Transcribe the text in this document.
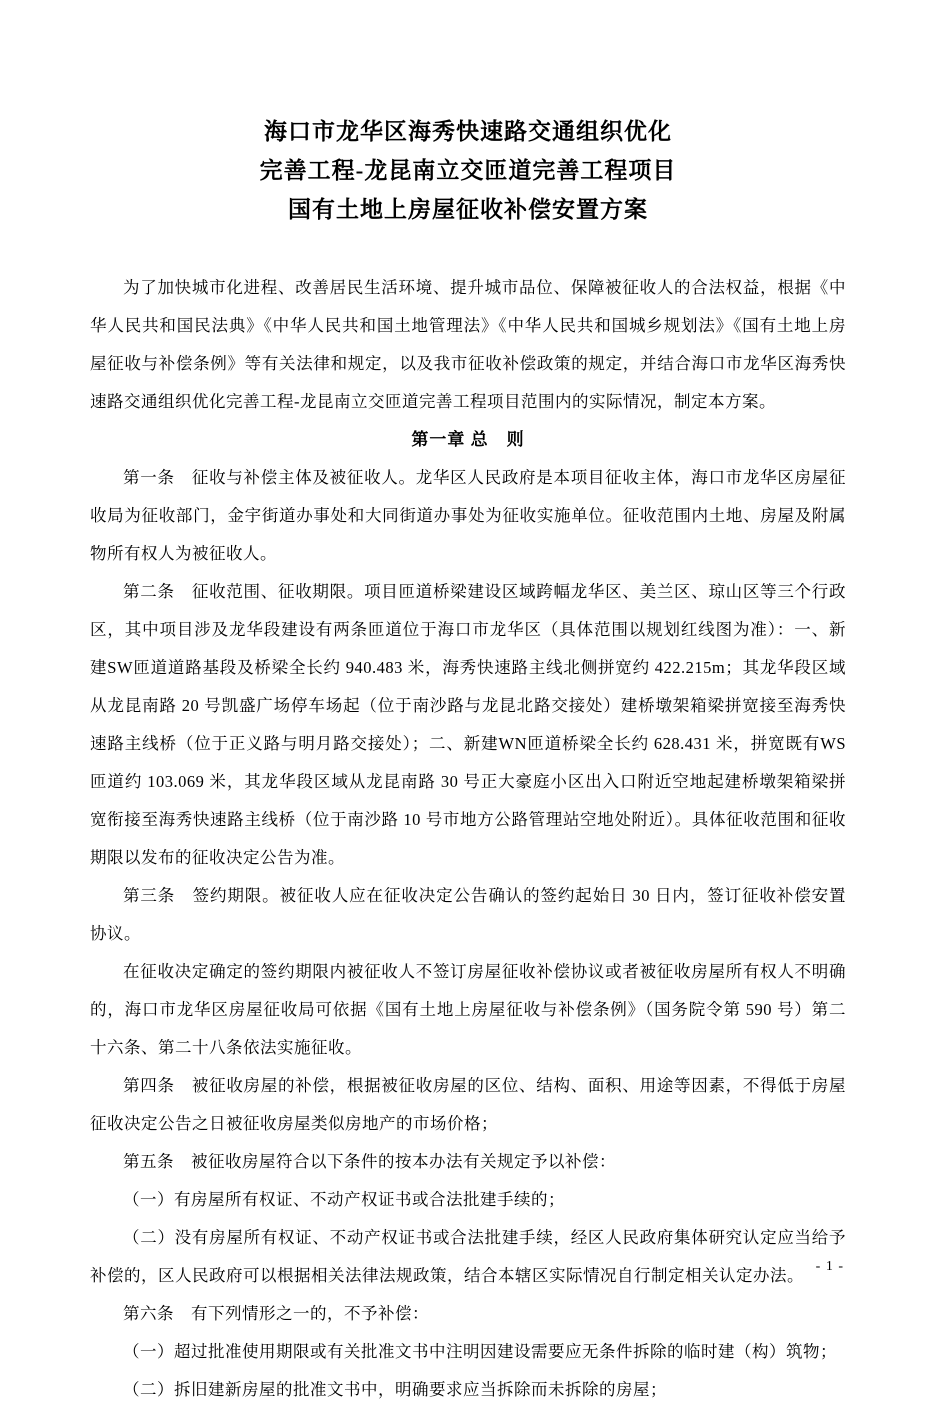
海口市龙华区海秀快速路交通组织优化
完善工程-龙昆南立交匝道完善工程项目
国有土地上房屋征收补偿安置方案

为了加快城市化进程、改善居民生活环境、提升城市品位、保障被征收人的合法权益，根据《中华人民共和国民法典》《中华人民共和国土地管理法》《中华人民共和国城乡规划法》《国有土地上房屋征收与补偿条例》等有关法律和规定，以及我市征收补偿政策的规定，并结合海口市龙华区海秀快速路交通组织优化完善工程-龙昆南立交匝道完善工程项目范围内的实际情况，制定本方案。

第一章 总　则

第一条　征收与补偿主体及被征收人。龙华区人民政府是本项目征收主体，海口市龙华区房屋征收局为征收部门，金宇街道办事处和大同街道办事处为征收实施单位。征收范围内土地、房屋及附属物所有权人为被征收人。

第二条　征收范围、征收期限。项目匝道桥梁建设区域跨幅龙华区、美兰区、琼山区等三个行政区，其中项目涉及龙华段建设有两条匝道位于海口市龙华区（具体范围以规划红线图为准）：一、新建SW匝道道路基段及桥梁全长约 940.483 米，海秀快速路主线北侧拼宽约 422.215m；其龙华段区域从龙昆南路 20 号凯盛广场停车场起（位于南沙路与龙昆北路交接处）建桥墩架箱梁拼宽接至海秀快速路主线桥（位于正义路与明月路交接处）；二、新建WN匝道桥梁全长约 628.431 米，拼宽既有WS匝道约 103.069 米，其龙华段区域从龙昆南路 30 号正大豪庭小区出入口附近空地起建桥墩架箱梁拼宽衔接至海秀快速路主线桥（位于南沙路 10 号市地方公路管理站空地处附近）。具体征收范围和征收期限以发布的征收决定公告为准。

第三条　签约期限。被征收人应在征收决定公告确认的签约起始日 30 日内，签订征收补偿安置协议。

在征收决定确定的签约期限内被征收人不签订房屋征收补偿协议或者被征收房屋所有权人不明确的，海口市龙华区房屋征收局可依据《国有土地上房屋征收与补偿条例》（国务院令第 590 号）第二十六条、第二十八条依法实施征收。

第四条　被征收房屋的补偿，根据被征收房屋的区位、结构、面积、用途等因素，不得低于房屋征收决定公告之日被征收房屋类似房地产的市场价格；

第五条　被征收房屋符合以下条件的按本办法有关规定予以补偿：

（一）有房屋所有权证、不动产权证书或合法批建手续的；

（二）没有房屋所有权证、不动产权证书或合法批建手续，经区人民政府集体研究认定应当给予补偿的，区人民政府可以根据相关法律法规政策，结合本辖区实际情况自行制定相关认定办法。

第六条　有下列情形之一的，不予补偿：

（一）超过批准使用期限或有关批准文书中注明因建设需要应无条件拆除的临时建（构）筑物；

（二）拆旧建新房屋的批准文书中，明确要求应当拆除而未拆除的房屋；

- 1 -
